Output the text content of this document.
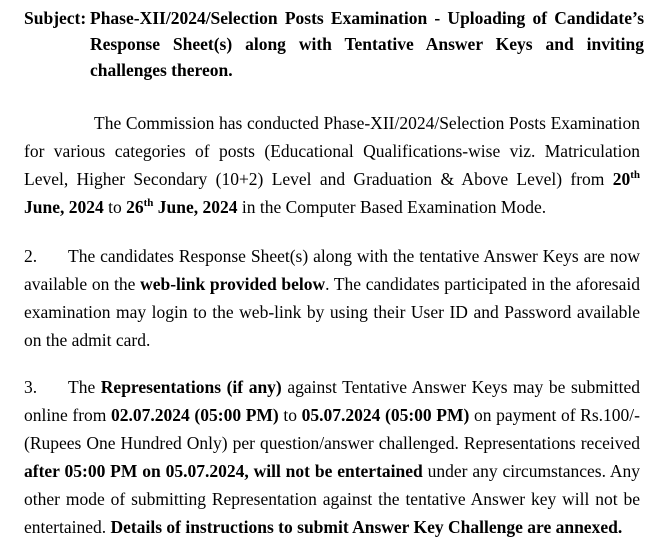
Subject: Phase-XII/2024/Selection Posts Examination - Uploading of Candidate’s Response Sheet(s) along with Tentative Answer Keys and inviting challenges thereon.
The Commission has conducted Phase-XII/2024/Selection Posts Examination for various categories of posts (Educational Qualifications-wise viz. Matriculation Level, Higher Secondary (10+2) Level and Graduation & Above Level) from 20th June, 2024 to 26th June, 2024 in the Computer Based Examination Mode.
2. The candidates Response Sheet(s) along with the tentative Answer Keys are now available on the web-link provided below. The candidates participated in the aforesaid examination may login to the web-link by using their User ID and Password available on the admit card.
3. The Representations (if any) against Tentative Answer Keys may be submitted online from 02.07.2024 (05:00 PM) to 05.07.2024 (05:00 PM) on payment of Rs.100/- (Rupees One Hundred Only) per question/answer challenged. Representations received after 05:00 PM on 05.07.2024, will not be entertained under any circumstances. Any other mode of submitting Representation against the tentative Answer key will not be entertained. Details of instructions to submit Answer Key Challenge are annexed.
